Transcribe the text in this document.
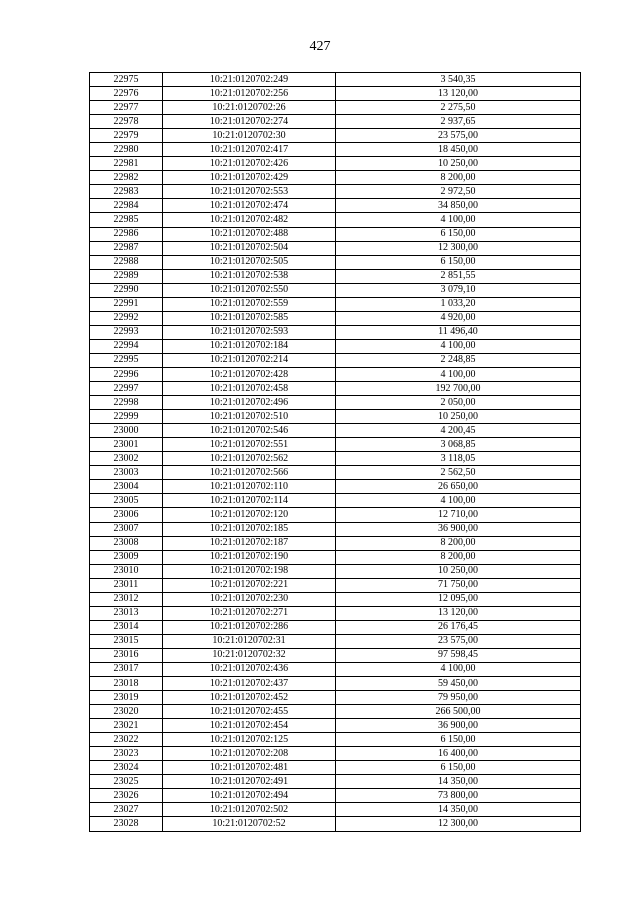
427
22975	10:21:0120702:249	3 540,35
22976	10:21:0120702:256	13 120,00
22977	10:21:0120702:26	2 275,50
22978	10:21:0120702:274	2 937,65
22979	10:21:0120702:30	23 575,00
22980	10:21:0120702:417	18 450,00
22981	10:21:0120702:426	10 250,00
22982	10:21:0120702:429	8 200,00
22983	10:21:0120702:553	2 972,50
22984	10:21:0120702:474	34 850,00
22985	10:21:0120702:482	4 100,00
22986	10:21:0120702:488	6 150,00
22987	10:21:0120702:504	12 300,00
22988	10:21:0120702:505	6 150,00
22989	10:21:0120702:538	2 851,55
22990	10:21:0120702:550	3 079,10
22991	10:21:0120702:559	1 033,20
22992	10:21:0120702:585	4 920,00
22993	10:21:0120702:593	11 496,40
22994	10:21:0120702:184	4 100,00
22995	10:21:0120702:214	2 248,85
22996	10:21:0120702:428	4 100,00
22997	10:21:0120702:458	192 700,00
22998	10:21:0120702:496	2 050,00
22999	10:21:0120702:510	10 250,00
23000	10:21:0120702:546	4 200,45
23001	10:21:0120702:551	3 068,85
23002	10:21:0120702:562	3 118,05
23003	10:21:0120702:566	2 562,50
23004	10:21:0120702:110	26 650,00
23005	10:21:0120702:114	4 100,00
23006	10:21:0120702:120	12 710,00
23007	10:21:0120702:185	36 900,00
23008	10:21:0120702:187	8 200,00
23009	10:21:0120702:190	8 200,00
23010	10:21:0120702:198	10 250,00
23011	10:21:0120702:221	71 750,00
23012	10:21:0120702:230	12 095,00
23013	10:21:0120702:271	13 120,00
23014	10:21:0120702:286	26 176,45
23015	10:21:0120702:31	23 575,00
23016	10:21:0120702:32	97 598,45
23017	10:21:0120702:436	4 100,00
23018	10:21:0120702:437	59 450,00
23019	10:21:0120702:452	79 950,00
23020	10:21:0120702:455	266 500,00
23021	10:21:0120702:454	36 900,00
23022	10:21:0120702:125	6 150,00
23023	10:21:0120702:208	16 400,00
23024	10:21:0120702:481	6 150,00
23025	10:21:0120702:491	14 350,00
23026	10:21:0120702:494	73 800,00
23027	10:21:0120702:502	14 350,00
23028	10:21:0120702:52	12 300,00
